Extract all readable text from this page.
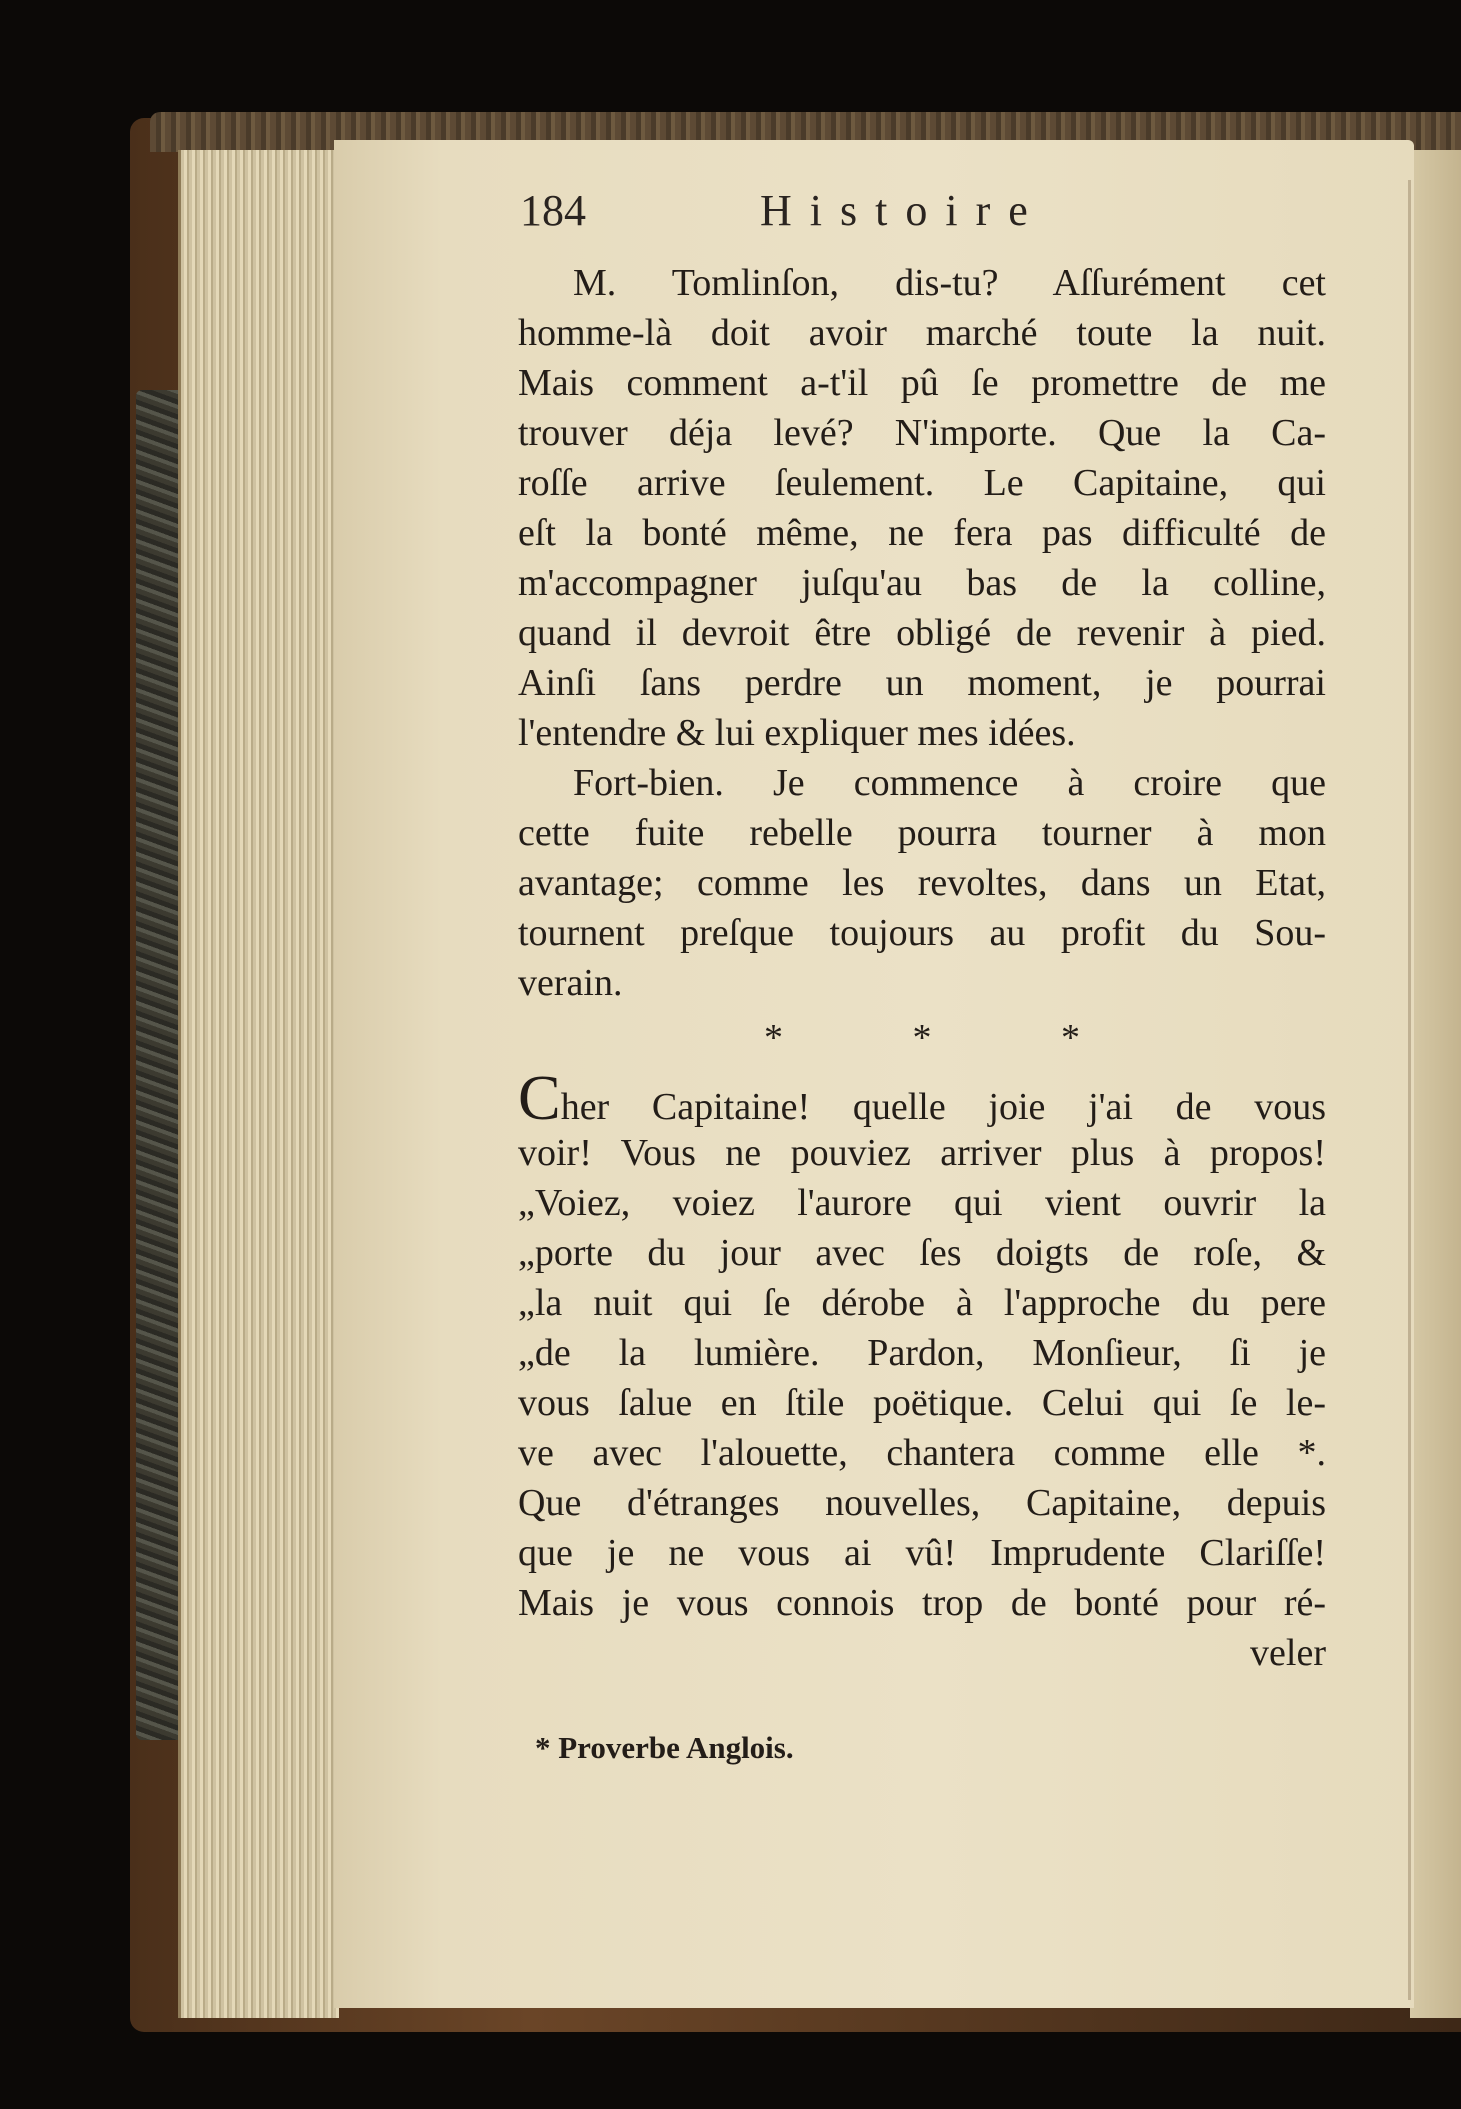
184	Histoire
M. Tomlinſon, dis-tu? Aſſurément cet
homme-là doit avoir marché toute la nuit.
Mais comment a-t'il pû ſe promettre de me
trouver déja levé? N'importe. Que la Ca-
roſſe arrive ſeulement. Le Capitaine, qui
eſt la bonté même, ne fera pas difficulté de
m'accompagner juſqu'au bas de la colline,
quand il devroit être obligé de revenir à pied.
Ainſi ſans perdre un moment, je pourrai
l'entendre & lui expliquer mes idées.
Fort-bien. Je commence à croire que
cette fuite rebelle pourra tourner à mon
avantage; comme les revoltes, dans un Etat,
tournent preſque toujours au profit du Sou-
verain.
* * *
Cher Capitaine! quelle joie j'ai de vous
voir! Vous ne pouviez arriver plus à propos!
„Voiez, voiez l'aurore qui vient ouvrir la
„porte du jour avec ſes doigts de roſe, &
„la nuit qui ſe dérobe à l'approche du pere
„de la lumière. Pardon, Monſieur, ſi je
vous ſalue en ſtile poëtique. Celui qui ſe le-
ve avec l'alouette, chantera comme elle *.
Que d'étranges nouvelles, Capitaine, depuis
que je ne vous ai vû! Imprudente Clariſſe!
Mais je vous connois trop de bonté pour ré-
veler
* Proverbe Anglois.
